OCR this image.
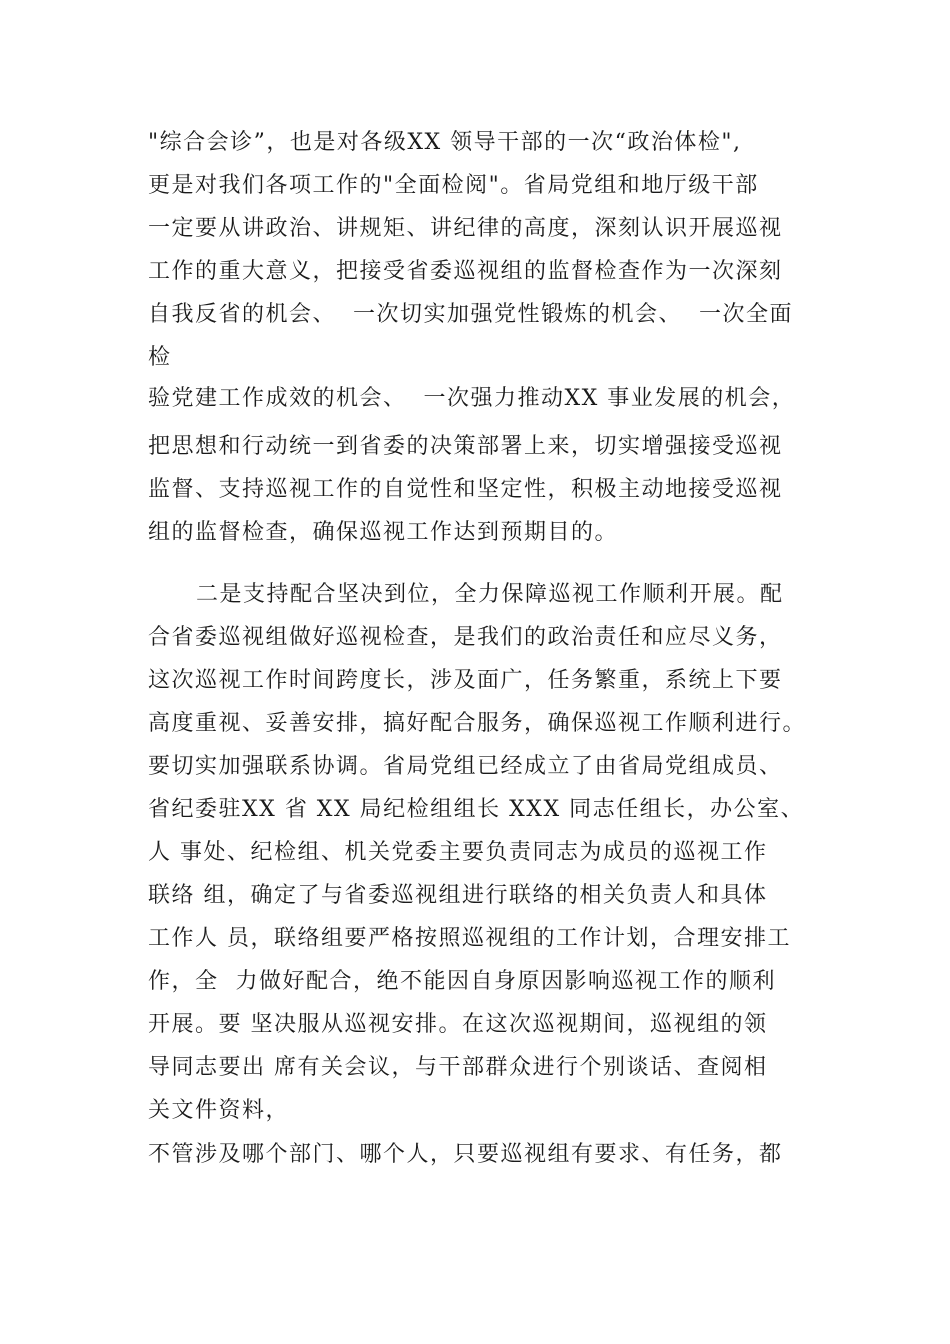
"综合会诊”，也是对各级XX 领导干部的一次“政治体检",
更是对我们各项工作的"全面检阅"。省局党组和地厅级干部
一定要从讲政治、讲规矩、讲纪律的高度，深刻认识开展巡视
工作的重大意义，把接受省委巡视组的监督检查作为一次深刻
自我反省的机会、  一次切实加强党性锻炼的机会、  一次全面
检
验党建工作成效的机会、  一次强力推动XX 事业发展的机会，
把思想和行动统一到省委的决策部署上来，切实增强接受巡视
监督、支持巡视工作的自觉性和坚定性，积极主动地接受巡视
组的监督检查，确保巡视工作达到预期目的。
二是支持配合坚决到位，全力保障巡视工作顺利开展。配
合省委巡视组做好巡视检查，是我们的政治责任和应尽义务，
这次巡视工作时间跨度长，涉及面广，任务繁重，系统上下要
高度重视、妥善安排，搞好配合服务，确保巡视工作顺利进行。
要切实加强联系协调。省局党组已经成立了由省局党组成员、
省纪委驻XX 省 XX 局纪检组组长 XXX 同志任组长，办公室、
人 事处、纪检组、机关党委主要负责同志为成员的巡视工作
联络 组，确定了与省委巡视组进行联络的相关负责人和具体
工作人 员，联络组要严格按照巡视组的工作计划，合理安排工
作，全  力做好配合，绝不能因自身原因影响巡视工作的顺利
开展。要 坚决服从巡视安排。在这次巡视期间，巡视组的领
导同志要出 席有关会议，与干部群众进行个别谈话、查阅相
关文件资料，
不管涉及哪个部门、哪个人，只要巡视组有要求、有任务，都
